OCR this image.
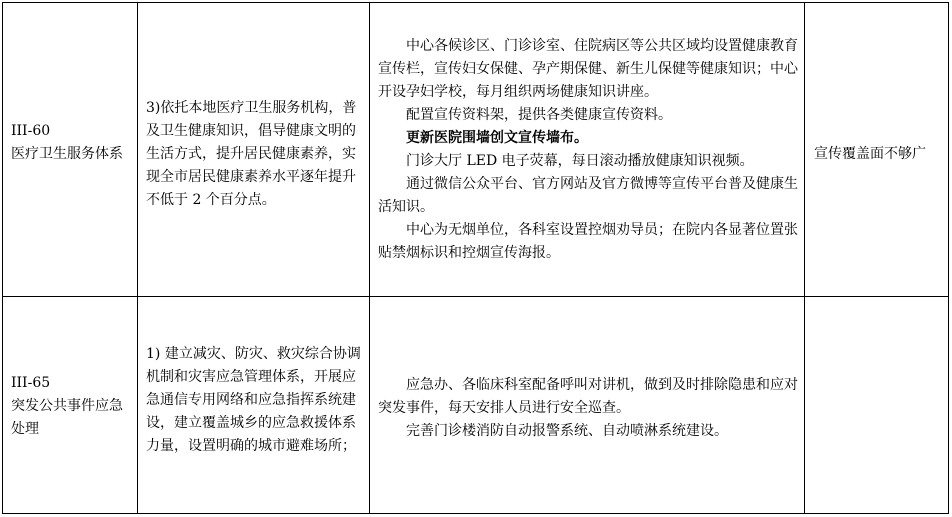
III-60
医疗卫生服务体系
3)依托本地医疗卫生服务机构，普及卫生健康知识，倡导健康文明的生活方式，提升居民健康素养，实现全市居民健康素养水平逐年提升不低于 2 个百分点。
中心各候诊区、门诊诊室、住院病区等公共区域均设置健康教育宣传栏，宣传妇女保健、孕产期保健、新生儿保健等健康知识；中心开设孕妇学校，每月组织两场健康知识讲座。
配置宣传资料架，提供各类健康宣传资料。
更新医院围墙创文宣传墙布。
门诊大厅 LED 电子荧幕，每日滚动播放健康知识视频。
通过微信公众平台、官方网站及官方微博等宣传平台普及健康生活知识。
中心为无烟单位，各科室设置控烟劝导员；在院内各显著位置张贴禁烟标识和控烟宣传海报。
宣传覆盖面不够广
III-65
突发公共事件应急处理
1) 建立减灾、防灾、救灾综合协调机制和灾害应急管理体系，开展应急通信专用网络和应急指挥系统建设，建立覆盖城乡的应急救援体系力量，设置明确的城市避难场所；
应急办、各临床科室配备呼叫对讲机，做到及时排除隐患和应对突发事件，每天安排人员进行安全巡查。
完善门诊楼消防自动报警系统、自动喷淋系统建设。
